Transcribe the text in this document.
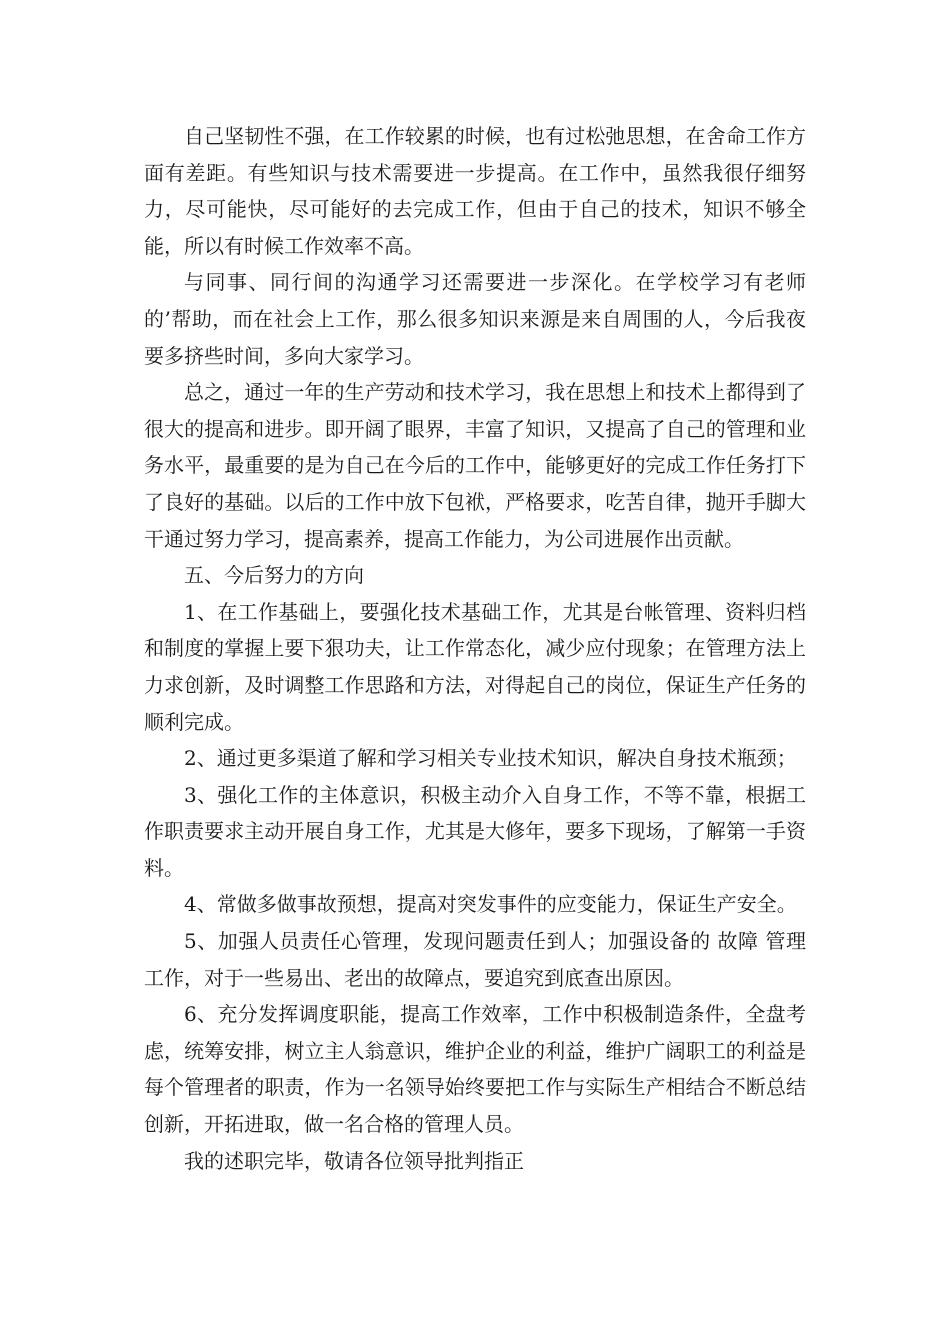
自己坚韧性不强，在工作较累的时候，也有过松弛思想，在舍命工作方面有差距。有些知识与技术需要进一步提高。在工作中，虽然我很仔细努力，尽可能快，尽可能好的去完成工作，但由于自己的技术，知识不够全能，所以有时候工作效率不高。

与同事、同行间的沟通学习还需要进一步深化。在学校学习有老师的’帮助，而在社会上工作，那么很多知识来源是来自周围的人，今后我夜要多挤些时间，多向大家学习。

总之，通过一年的生产劳动和技术学习，我在思想上和技术上都得到了很大的提高和进步。即开阔了眼界，丰富了知识，又提高了自己的管理和业务水平，最重要的是为自己在今后的工作中，能够更好的完成工作任务打下了良好的基础。以后的工作中放下包袱，严格要求，吃苦自律，抛开手脚大干通过努力学习，提高素养，提高工作能力，为公司进展作出贡献。

五、今后努力的方向

1、在工作基础上，要强化技术基础工作，尤其是台帐管理、资料归档和制度的掌握上要下狠功夫，让工作常态化，减少应付现象；在管理方法上力求创新，及时调整工作思路和方法，对得起自己的岗位，保证生产任务的顺利完成。

2、通过更多渠道了解和学习相关专业技术知识，解决自身技术瓶颈；

3、强化工作的主体意识，积极主动介入自身工作，不等不靠，根据工作职责要求主动开展自身工作，尤其是大修年，要多下现场，了解第一手资料。

4、常做多做事故预想，提高对突发事件的应变能力，保证生产安全。

5、加强人员责任心管理，发现问题责任到人；加强设备的 故障 管理工作，对于一些易出、老出的故障点，要追究到底查出原因。

6、充分发挥调度职能，提高工作效率，工作中积极制造条件，全盘考虑，统筹安排，树立主人翁意识，维护企业的利益，维护广阔职工的利益是每个管理者的职责，作为一名领导始终要把工作与实际生产相结合不断总结创新，开拓进取，做一名合格的管理人员。

我的述职完毕，敬请各位领导批判指正
